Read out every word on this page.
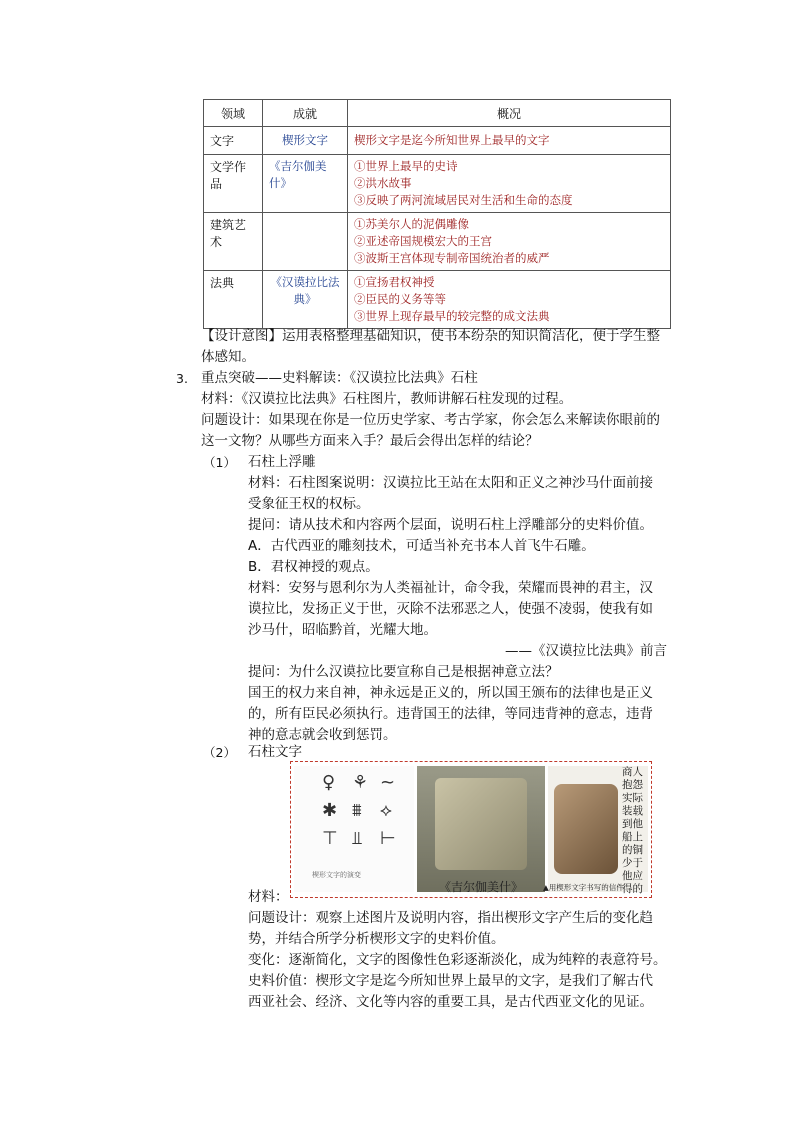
领域	成就	概况
文字	楔形文字	楔形文字是迄今所知世界上最早的文字

文学作品	《吉尔伽美什》	①世界上最早的史诗
②洪水故事
③反映了两河流域居民对生活和生命的态度

建筑艺术		①苏美尔人的泥偶雕像
②亚述帝国规模宏大的王宫
③波斯王宫体现专制帝国统治者的威严

法典	《汉谟拉比法典》	①宣扬君权神授
②臣民的义务等等
③世界上现存最早的较完整的成文法典
【设计意图】运用表格整理基础知识，使书本纷杂的知识简洁化，便于学生整
体感知。
3. 重点突破——史料解读：《汉谟拉比法典》石柱
材料：《汉谟拉比法典》石柱图片，教师讲解石柱发现的过程。
问题设计：如果现在你是一位历史学家、考古学家，你会怎么来解读你眼前的
这一文物？从哪些方面来入手？最后会得出怎样的结论？
（1） 石柱上浮雕
材料：石柱图案说明：汉谟拉比王站在太阳和正义之神沙马什面前接
受象征王权的权标。
提问：请从技术和内容两个层面，说明石柱上浮雕部分的史料价值。
A．古代西亚的雕刻技术，可适当补充书本人首飞牛石雕。
B．君权神授的观点。
材料：安努与恩利尔为人类福祉计，命令我，荣耀而畏神的君主，汉
谟拉比，发扬正义于世，灭除不法邪恶之人，使强不凌弱，使我有如
沙马什，昭临黔首，光耀大地。
——《汉谟拉比法典》前言
提问：为什么汉谟拉比要宣称自己是根据神意立法？
国王的权力来自神，神永远是正义的，所以国王颁布的法律也是正义
的，所有臣民必须执行。违背国王的法律，等同违背神的意志，违背
神的意志就会收到惩罚。
（2） 石柱文字
♀ ⚘ ~
✱ ⩩ ⟡
⊤ ⫫ ⊢
楔形文字的演变
商人抱怨实际装载到他船上的铜少于他应得的
《吉尔伽美什》	▲用楔形文字书写的信件
材料：
问题设计：观察上述图片及说明内容，指出楔形文字产生后的变化趋
势，并结合所学分析楔形文字的史料价值。
变化：逐渐简化，文字的图像性色彩逐渐淡化，成为纯粹的表意符号。
史料价值：楔形文字是迄今所知世界上最早的文字，是我们了解古代
西亚社会、经济、文化等内容的重要工具，是古代西亚文化的见证。
